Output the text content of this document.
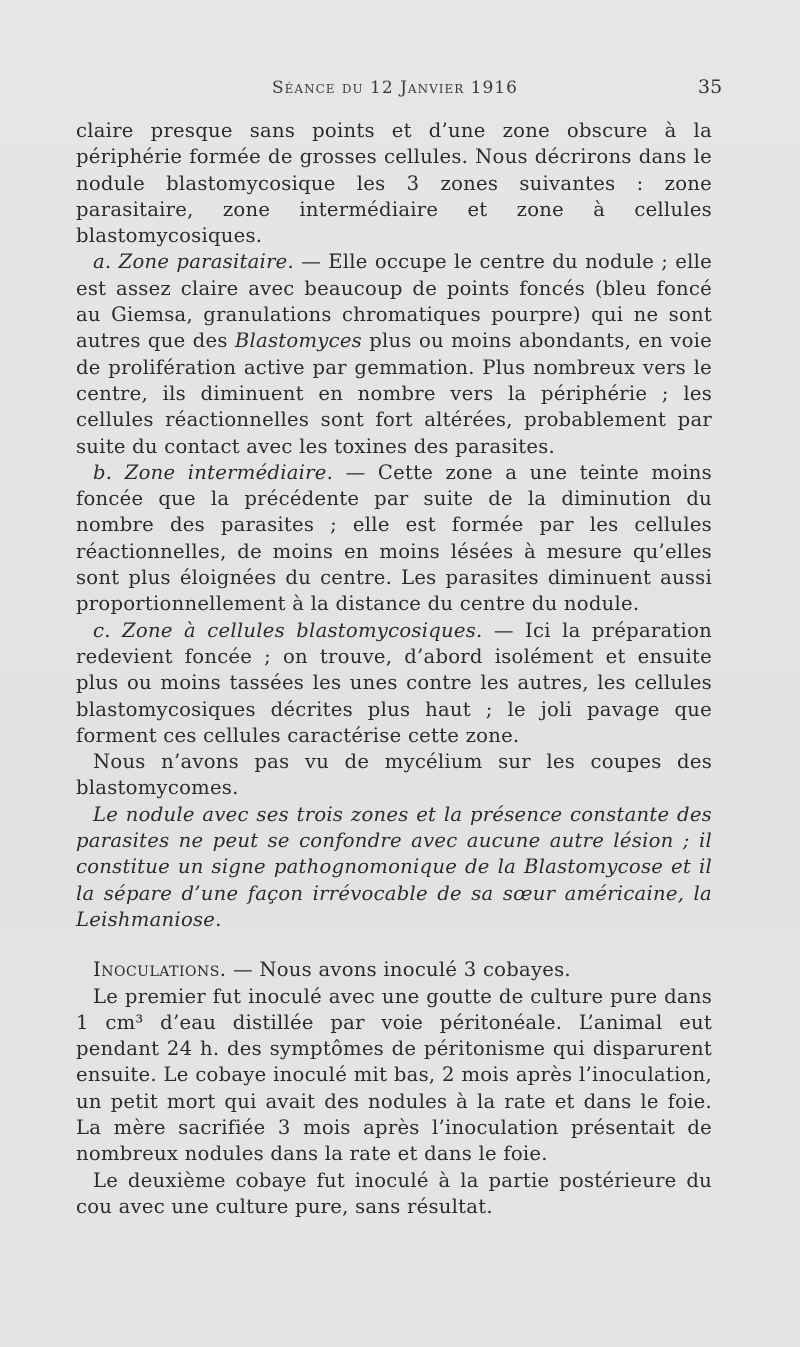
Séance du 12 Janvier 1916	35

claire presque sans points et d’une zone obscure à la périphérie formée de grosses cellules. Nous décrirons dans le nodule blastomycosique les 3 zones suivantes : zone parasitaire, zone intermédiaire et zone à cellules blastomycosiques.

a. Zone parasitaire. — Elle occupe le centre du nodule ; elle est assez claire avec beaucoup de points foncés (bleu foncé au Giemsa, granulations chromatiques pourpre) qui ne sont autres que des Blastomyces plus ou moins abondants, en voie de prolifération active par gemmation. Plus nombreux vers le centre, ils diminuent en nombre vers la périphérie ; les cellules réactionnelles sont fort altérées, probablement par suite du contact avec les toxines des parasites.

b. Zone intermédiaire. — Cette zone a une teinte moins foncée que la précédente par suite de la diminution du nombre des parasites ; elle est formée par les cellules réactionnelles, de moins en moins lésées à mesure qu’elles sont plus éloignées du centre. Les parasites diminuent aussi proportionnellement à la distance du centre du nodule.

c. Zone à cellules blastomycosiques. — Ici la préparation redevient foncée ; on trouve, d’abord isolément et ensuite plus ou moins tassées les unes contre les autres, les cellules blastomycosiques décrites plus haut ; le joli pavage que forment ces cellules caractérise cette zone.

Nous n’avons pas vu de mycélium sur les coupes des blastomycomes.

Le nodule avec ses trois zones et la présence constante des parasites ne peut se confondre avec aucune autre lésion ; il constitue un signe pathognomonique de la Blastomycose et il la sépare d’une façon irrévocable de sa sœur américaine, la Leishmaniose.

Inoculations. — Nous avons inoculé 3 cobayes.

Le premier fut inoculé avec une goutte de culture pure dans 1 cm³ d’eau distillée par voie péritonéale. L’animal eut pendant 24 h. des symptômes de péritonisme qui disparurent ensuite. Le cobaye inoculé mit bas, 2 mois après l’inoculation, un petit mort qui avait des nodules à la rate et dans le foie. La mère sacrifiée 3 mois après l’inoculation présentait de nombreux nodules dans la rate et dans le foie.

Le deuxième cobaye fut inoculé à la partie postérieure du cou avec une culture pure, sans résultat.
